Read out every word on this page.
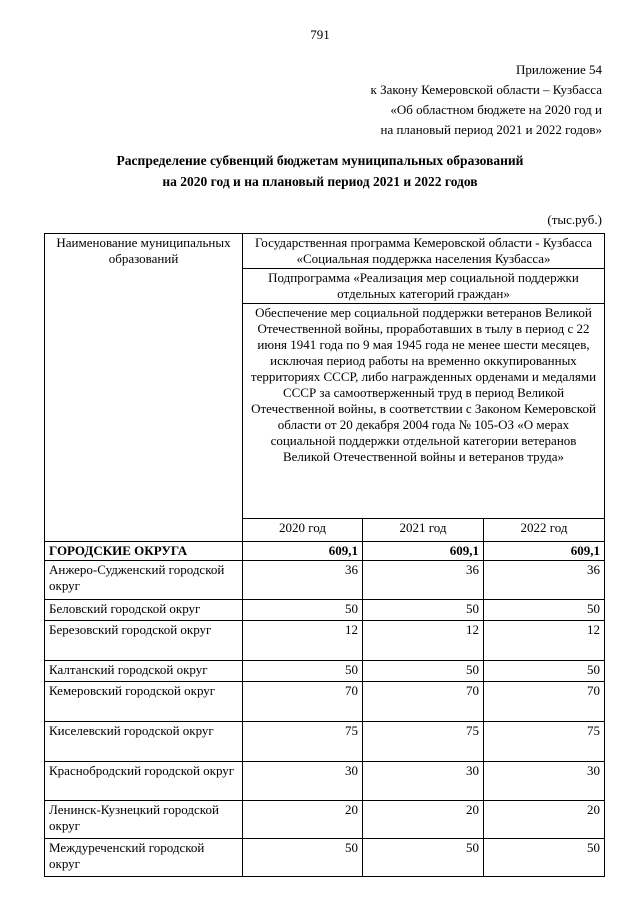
791
Приложение 54
к Закону Кемеровской области – Кузбасса
«Об областном бюджете на 2020 год и
на плановый период 2021 и 2022 годов»
Распределение субвенций бюджетам муниципальных образований
на 2020 год и на плановый период 2021 и 2022 годов
(тыс.руб.)
Наименование муниципальных образований	Государственная программа Кемеровской области - Кузбасса «Социальная поддержка населения Кузбасса»		
	Подпрограмма «Реализация мер социальной поддержки отдельных категорий граждан»		
	Обеспечение мер социальной поддержки ветеранов Великой Отечественной войны, проработавших в тылу в период с 22 июня 1941 года по 9 мая 1945 года не менее шести месяцев, исключая период работы на временно оккупированных территориях СССР, либо награжденных орденами и медалями СССР за самоотверженный труд в период Великой Отечественной войны, в соответствии с Законом Кемеровской области от 20 декабря 2004 года № 105-ОЗ «О мерах социальной поддержки отдельной категории ветеранов Великой Отечественной войны и ветеранов труда»		
	2020 год	2021 год	2022 год
ГОРОДСКИЕ ОКРУГА	609,1	609,1	609,1
Анжеро-Судженский городской округ	36	36	36
Беловский городской округ	50	50	50
Березовский городской округ	12	12	12
Калтанский городской округ	50	50	50
Кемеровский городской округ	70	70	70
Киселевский городской округ	75	75	75
Краснобродский городской округ	30	30	30
Ленинск-Кузнецкий городской округ	20	20	20
Междуреченский городской округ	50	50	50
